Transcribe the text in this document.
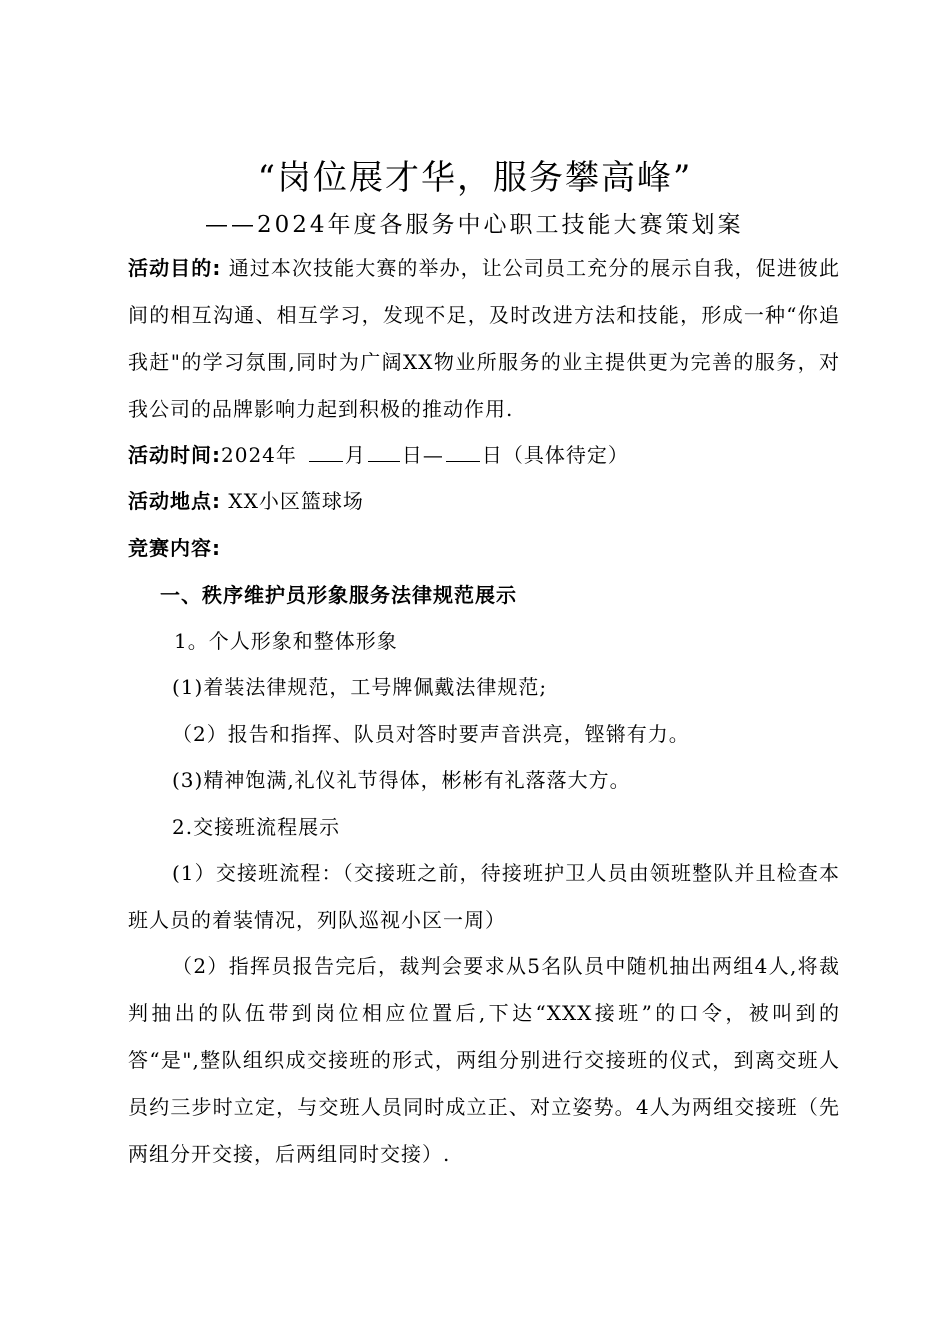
“岗位展才华，服务攀高峰”
——2024年度各服务中心职工技能大赛策划案
活动目的: 通过本次技能大赛的举办，让公司员工充分的展示自我，促进彼此间的相互沟通、相互学习，发现不足，及时改进方法和技能，形成一种“你追我赶"的学习氛围,同时为广阔XX物业所服务的业主提供更为完善的服务，对我公司的品牌影响力起到积极的推动作用.
活动时间:2024年 月 日— 日（具体待定）
活动地点: XX小区篮球场
竞赛内容:
一、秩序维护员形象服务法律规范展示
1。个人形象和整体形象
(1)着装法律规范，工号牌佩戴法律规范;
（2）报告和指挥、队员对答时要声音洪亮，铿锵有力。
(3)精神饱满,礼仪礼节得体，彬彬有礼落落大方。
2.交接班流程展示
(1）交接班流程：（交接班之前，待接班护卫人员由领班整队并且检查本班人员的着装情况，列队巡视小区一周）
（2）指挥员报告完后，裁判会要求从5名队员中随机抽出两组4人,将裁判抽出的队伍带到岗位相应位置后,下达“XXX接班”的口令，被叫到的答“是",整队组织成交接班的形式，两组分别进行交接班的仪式，到离交班人员约三步时立定，与交班人员同时成立正、对立姿势。4人为两组交接班（先两组分开交接，后两组同时交接）.
